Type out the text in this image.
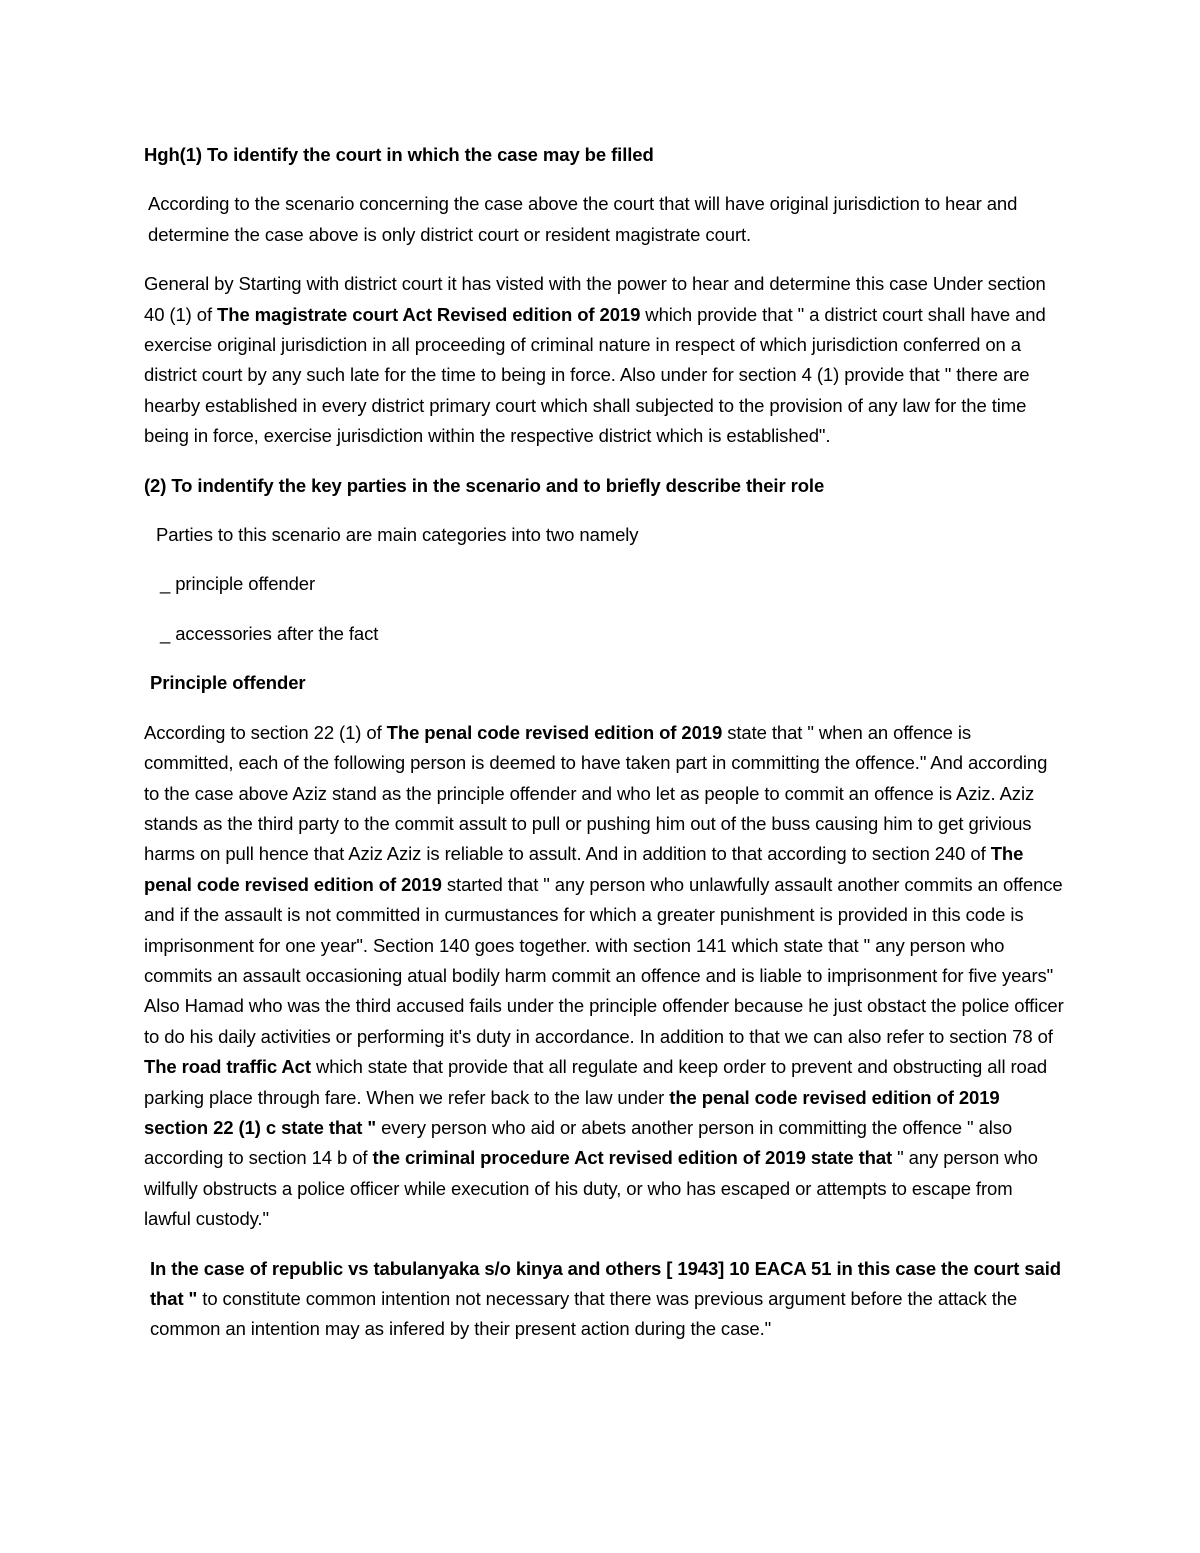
Hgh(1) To identify the court in which the case may be filled

According to the scenario concerning the case above the court that will have original jurisdiction to hear and determine the case above is only district court or resident magistrate court.

General by Starting with district court it has visted with the power to hear and determine this case Under section 40 (1) of The magistrate court Act Revised edition of 2019 which provide that " a district court shall have and exercise original jurisdiction in all proceeding of criminal nature in respect of which jurisdiction conferred on a district court by any such late for the time to being in force. Also under for section 4 (1) provide that " there are hearby established in every district primary court which shall subjected to the provision of any law for the time being in force, exercise jurisdiction within the respective district which is established".

(2) To indentify the key parties in the scenario and to briefly describe their role

Parties to this scenario are main categories into two namely

_ principle offender

_ accessories after the fact

Principle offender

According to section 22 (1) of The penal code revised edition of 2019 state that " when an offence is committed, each of the following person is deemed to have taken part in committing the offence." And according to the case above Aziz stand as the principle offender and who let as people to commit an offence is Aziz. Aziz stands as the third party to the commit assult to pull or pushing him out of the buss causing him to get grivious harms on pull hence that Aziz Aziz is reliable to assult. And in addition to that according to section 240 of The penal code revised edition of 2019 started that " any person who unlawfully assault another commits an offence and if the assault is not committed in curmustances for which a greater punishment is provided in this code is imprisonment for one year". Section 140 goes together. with section 141 which state that " any person who commits an assault occasioning atual bodily harm commit an offence and is liable to imprisonment for five years" Also Hamad who was the third accused fails under the principle offender because he just obstact the police officer to do his daily activities or performing it's duty in accordance. In addition to that we can also refer to section 78 of The road traffic Act which state that provide that all regulate and keep order to prevent and obstructing all road parking place through fare. When we refer back to the law under the penal code revised edition of 2019 section 22 (1) c state that " every person who aid or abets another person in committing the offence " also according to section 14 b of the criminal procedure Act revised edition of 2019 state that " any person who wilfully obstructs a police officer while execution of his duty, or who has escaped or attempts to escape from lawful custody."

In the case of republic vs tabulanyaka s/o kinya and others [ 1943] 10 EACA 51 in this case the court said that " to constitute common intention not necessary that there was previous argument before the attack the common an intention may as infered by their present action during the case."
